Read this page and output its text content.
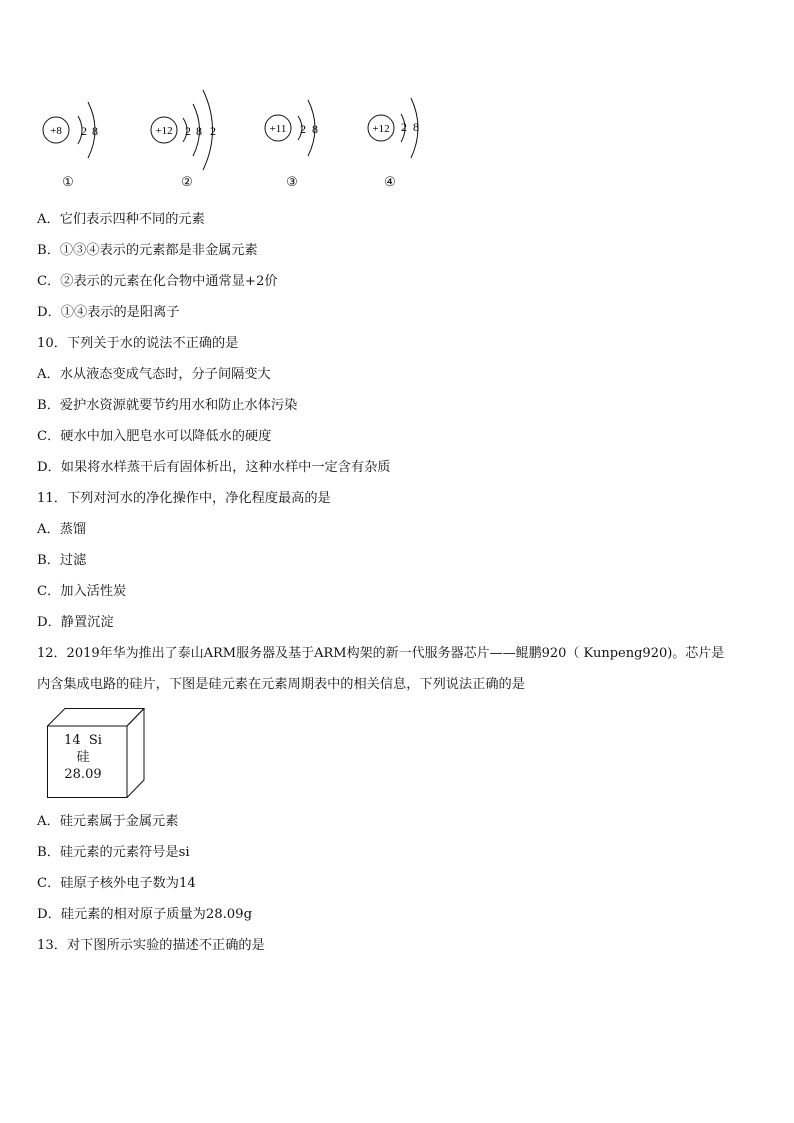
+8 2 8
①
+12 2 8 2
②
+11 2 8
③
+12 2 8
④
A．它们表示四种不同的元素
B．①③④表示的元素都是非金属元素
C．②表示的元素在化合物中通常显+2价
D．①④表示的是阳离子
10．下列关于水的说法不正确的是
A．水从液态变成气态时，分子间隔变大
B．爱护水资源就要节约用水和防止水体污染
C．硬水中加入肥皂水可以降低水的硬度
D．如果将水样蒸干后有固体析出，这种水样中一定含有杂质
11．下列对河水的净化操作中，净化程度最高的是
A．蒸馏
B．过滤
C．加入活性炭
D．静置沉淀
12．2019年华为推出了泰山ARM服务器及基于ARM构架的新一代服务器芯片——鲲鹏920（ Kunpeng920)。芯片是
内含集成电路的硅片，下图是硅元素在元素周期表中的相关信息，下列说法正确的是
14 Si
硅
28.09
A．硅元素属于金属元素
B．硅元素的元素符号是si
C．硅原子核外电子数为14
D．硅元素的相对原子质量为28.09g
13．对下图所示实验的描述不正确的是
